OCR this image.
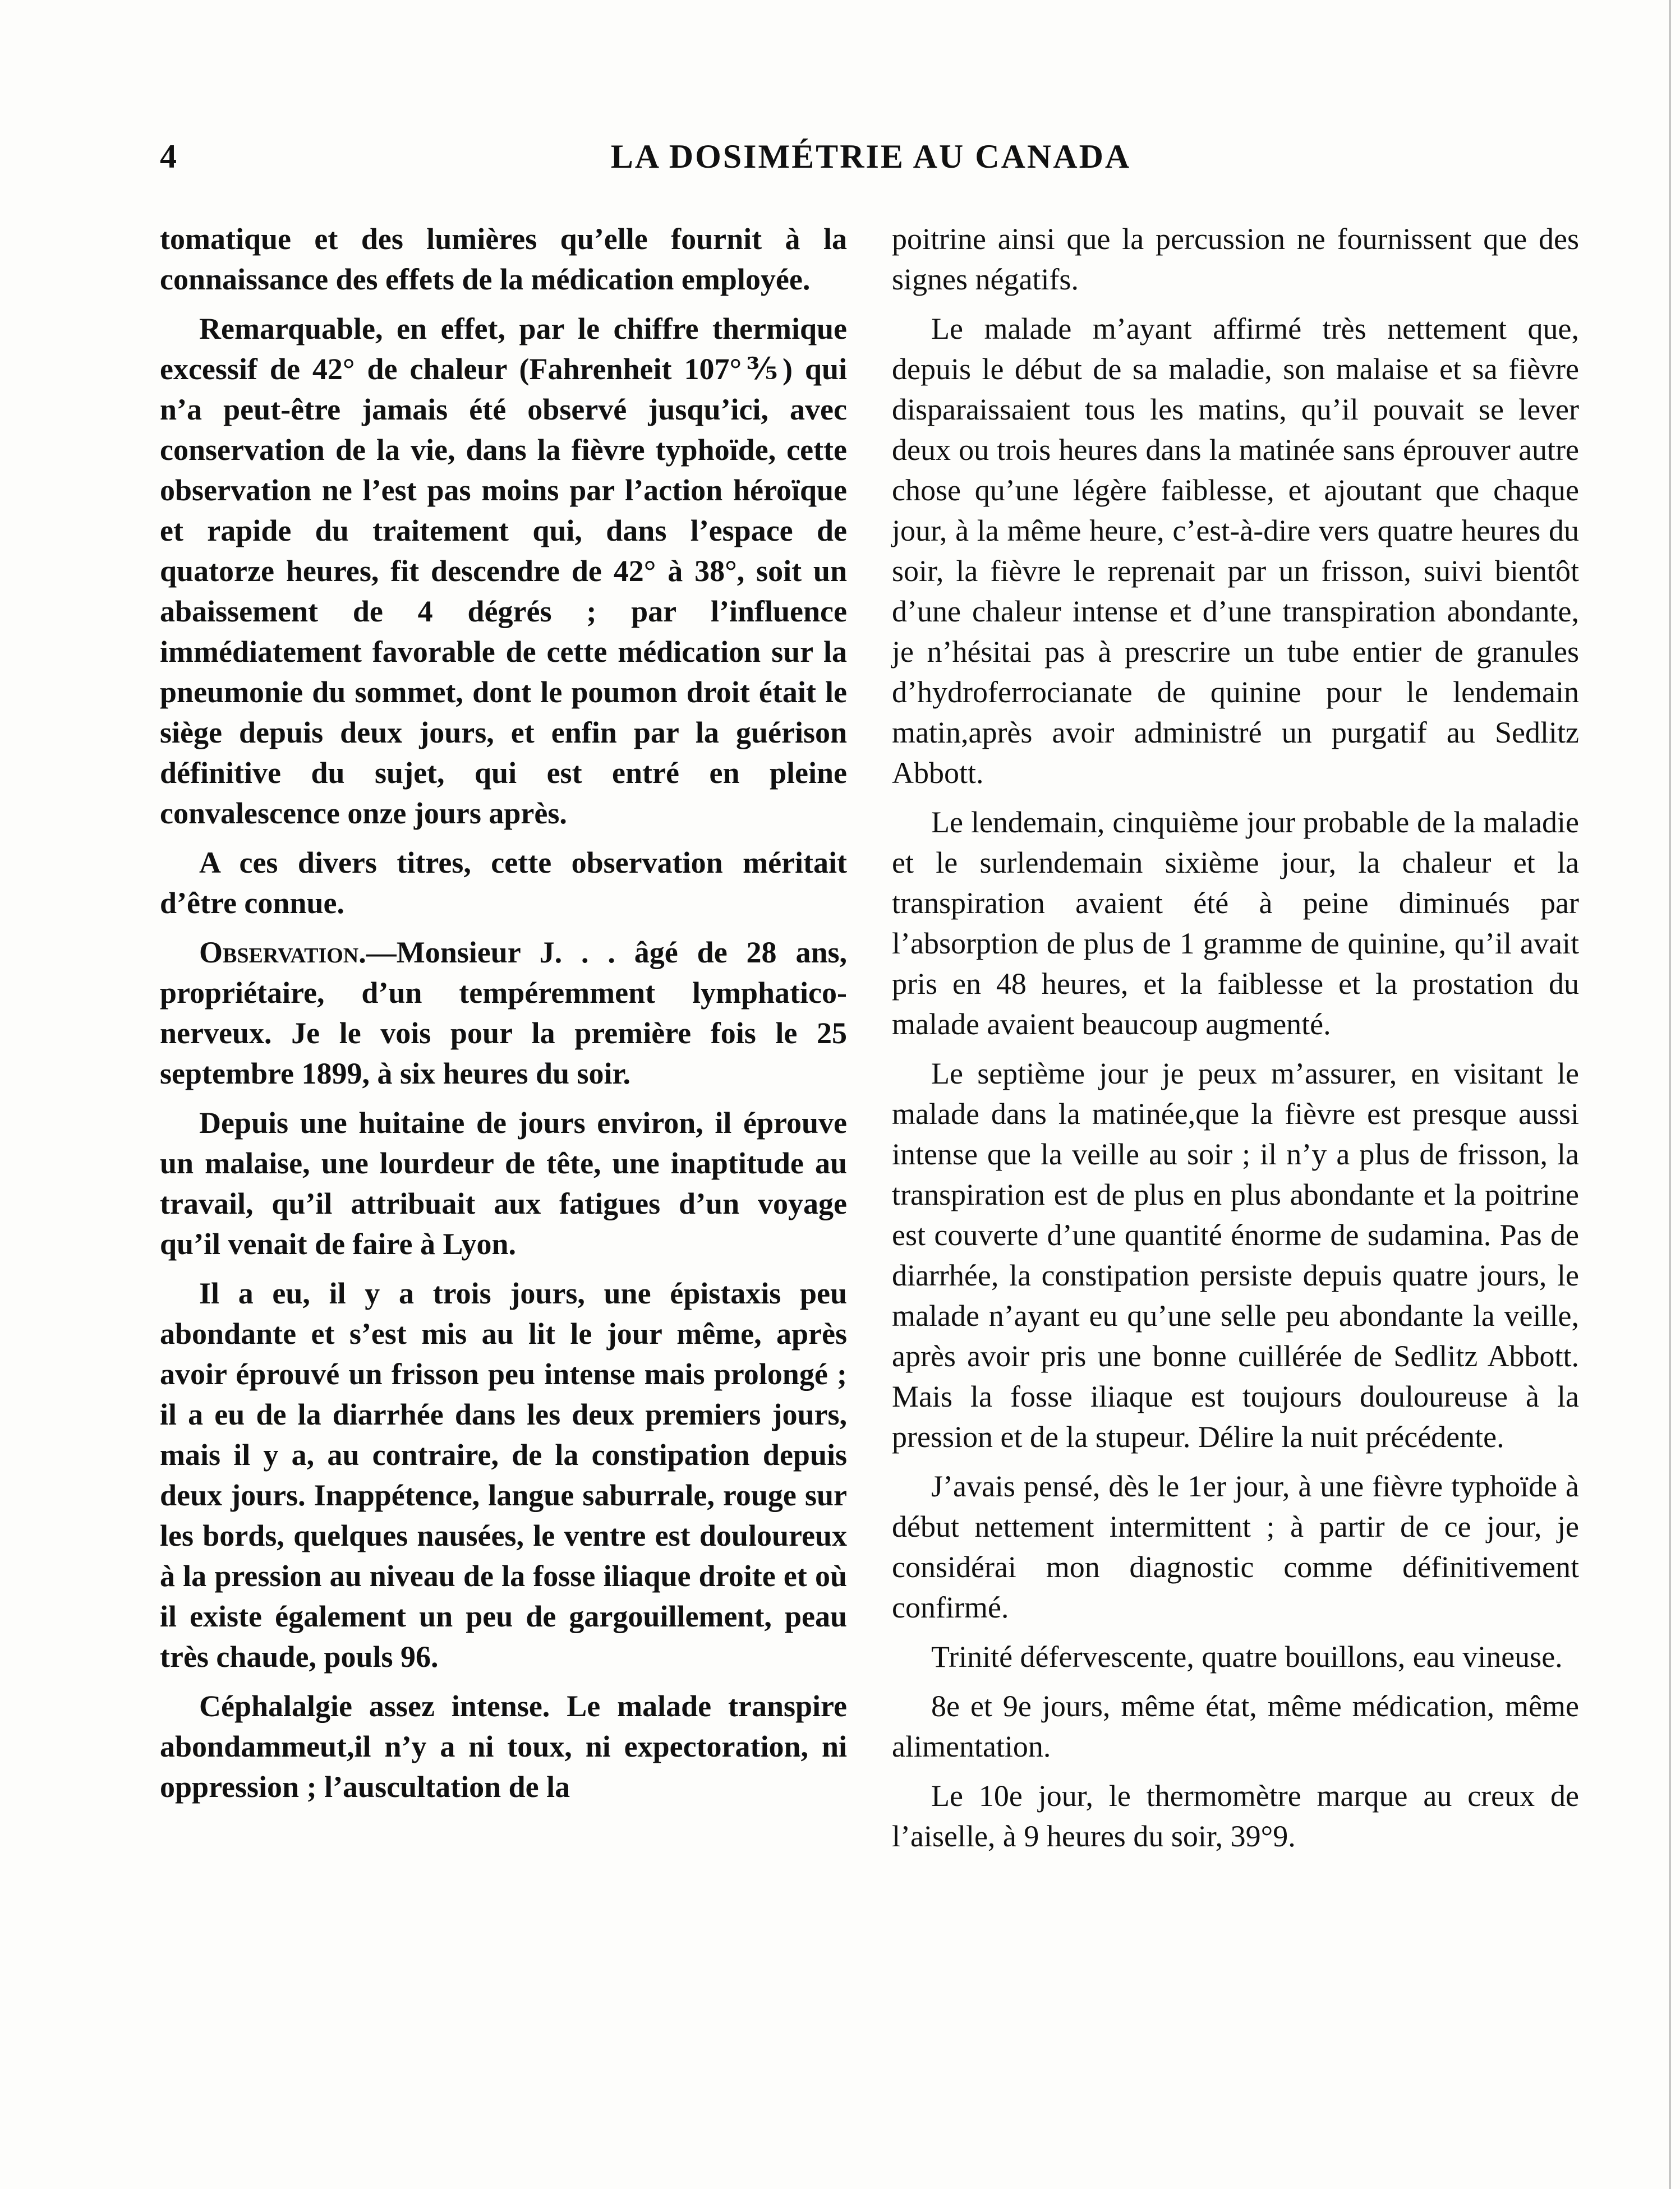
4	LA DOSIMÉTRIE AU CANADA

tomatique et des lumières qu’elle fournit à la connaissance des effets de la médication employée.

Remarquable, en effet, par le chiffre thermique excessif de 42° de chaleur (Fahrenheit 107°⅗) qui n’a peut-être jamais été observé jusqu’ici, avec conservation de la vie, dans la fièvre typhoïde, cette observation ne l’est pas moins par l’action héroïque et rapide du traitement qui, dans l’espace de quatorze heures, fit descendre de 42° à 38°, soit un abaissement de 4 dégrés ; par l’influence immédiatement favorable de cette médication sur la pneumonie du sommet, dont le poumon droit était le siège depuis deux jours, et enfin par la guérison définitive du sujet, qui est entré en pleine convalescence onze jours après.

A ces divers titres, cette observation méritait d’être connue.

Observation.—Monsieur J. . . âgé de 28 ans, propriétaire, d’un tempéremment lymphatico-nerveux. Je le vois pour la première fois le 25 septembre 1899, à six heures du soir.

Depuis une huitaine de jours environ, il éprouve un malaise, une lourdeur de tête, une inaptitude au travail, qu’il attribuait aux fatigues d’un voyage qu’il venait de faire à Lyon.

Il a eu, il y a trois jours, une épistaxis peu abondante et s’est mis au lit le jour même, après avoir éprouvé un frisson peu intense mais prolongé ; il a eu de la diarrhée dans les deux premiers jours, mais il y a, au contraire, de la constipation depuis deux jours. Inappétence, langue saburrale, rouge sur les bords, quelques nausées, le ventre est douloureux à la pression au niveau de la fosse iliaque droite et où il existe également un peu de gargouillement, peau très chaude, pouls 96.

Céphalalgie assez intense. Le malade transpire abondammeut,il n’y a ni toux, ni expectoration, ni oppression ; l’auscultation de la

poitrine ainsi que la percussion ne fournissent que des signes négatifs.

Le malade m’ayant affirmé très nettement que, depuis le début de sa maladie, son malaise et sa fièvre disparaissaient tous les matins, qu’il pouvait se lever deux ou trois heures dans la matinée sans éprouver autre chose qu’une légère faiblesse, et ajoutant que chaque jour, à la même heure, c’est-à-dire vers quatre heures du soir, la fièvre le reprenait par un frisson, suivi bientôt d’une chaleur intense et d’une transpiration abondante, je n’hésitai pas à prescrire un tube entier de granules d’hydroferrocianate de quinine pour le lendemain matin,après avoir administré un purgatif au Sedlitz Abbott.

Le lendemain, cinquième jour probable de la maladie et le surlendemain sixième jour, la chaleur et la transpiration avaient été à peine diminués par l’absorption de plus de 1 gramme de quinine, qu’il avait pris en 48 heures, et la faiblesse et la prostation du malade avaient beaucoup augmenté.

Le septième jour je peux m’assurer, en visitant le malade dans la matinée,que la fièvre est presque aussi intense que la veille au soir ; il n’y a plus de frisson, la transpiration est de plus en plus abondante et la poitrine est couverte d’une quantité énorme de sudamina. Pas de diarrhée, la constipation persiste depuis quatre jours, le malade n’ayant eu qu’une selle peu abondante la veille, après avoir pris une bonne cuillérée de Sedlitz Abbott. Mais la fosse iliaque est toujours douloureuse à la pression et de la stupeur. Délire la nuit précédente.

J’avais pensé, dès le 1er jour, à une fièvre typhoïde à début nettement intermittent ; à partir de ce jour, je considérai mon diagnostic comme définitivement confirmé.

Trinité défervescente, quatre bouillons, eau vineuse.

8e et 9e jours, même état, même médication, même alimentation.

Le 10e jour, le thermomètre marque au creux de l’aiselle, à 9 heures du soir, 39°9.
